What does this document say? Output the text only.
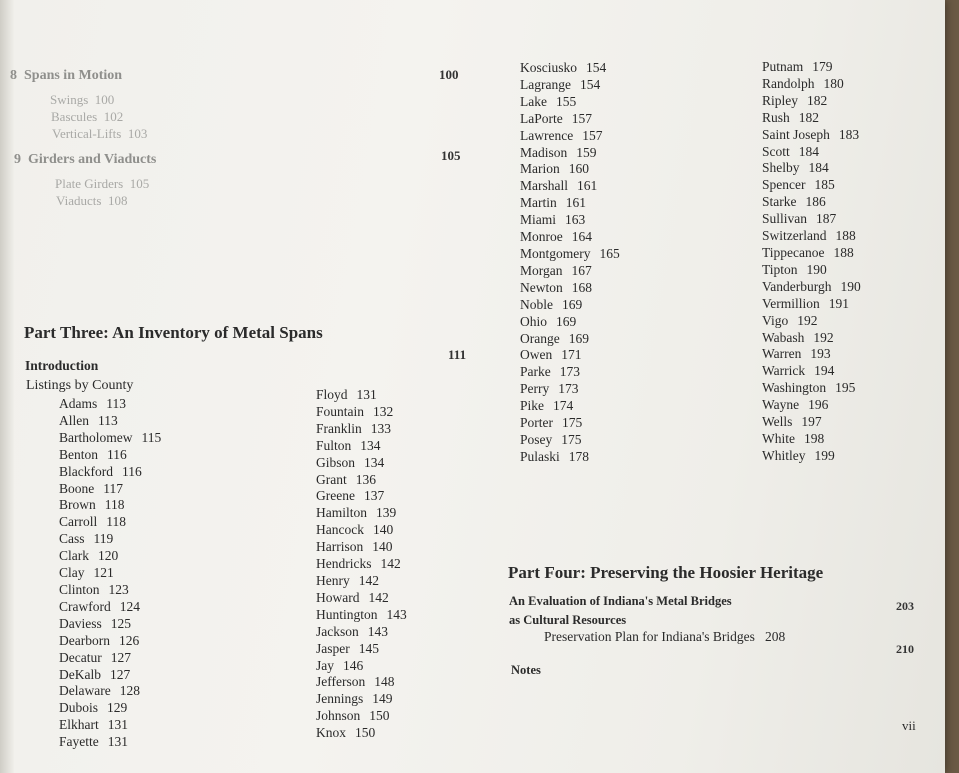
8 Spans in Motion	100
Swings 100
Bascules 102
Vertical-Lifts 103
9 Girders and Viaducts	105
Plate Girders 105
Viaducts 108
Part Three: An Inventory of Metal Spans
Introduction
111
Listings by County
Adams 113
Allen 113
Bartholomew 115
Benton 116
Blackford 116
Boone 117
Brown 118
Carroll 118
Cass 119
Clark 120
Clay 121
Clinton 123
Crawford 124
Daviess 125
Dearborn 126
Decatur 127
DeKalb 127
Delaware 128
Dubois 129
Elkhart 131
Fayette 131
Floyd 131
Fountain 132
Franklin 133
Fulton 134
Gibson 134
Grant 136
Greene 137
Hamilton 139
Hancock 140
Harrison 140
Hendricks 142
Henry 142
Howard 142
Huntington 143
Jackson 143
Jasper 145
Jay 146
Jefferson 148
Jennings 149
Johnson 150
Knox 150
Kosciusko 154
Lagrange 154
Lake 155
LaPorte 157
Lawrence 157
Madison 159
Marion 160
Marshall 161
Martin 161
Miami 163
Monroe 164
Montgomery 165
Morgan 167
Newton 168
Noble 169
Ohio 169
Orange 169
Owen 171
Parke 173
Perry 173
Pike 174
Porter 175
Posey 175
Pulaski 178
Putnam 179
Randolph 180
Ripley 182
Rush 182
Saint Joseph 183
Scott 184
Shelby 184
Spencer 185
Starke 186
Sullivan 187
Switzerland 188
Tippecanoe 188
Tipton 190
Vanderburgh 190
Vermillion 191
Vigo 192
Wabash 192
Warren 193
Warrick 194
Washington 195
Wayne 196
Wells 197
White 198
Whitley 199
Part Four: Preserving the Hoosier Heritage
An Evaluation of Indiana's Metal Bridges
as Cultural Resources
203
Preservation Plan for Indiana's Bridges 208
Notes
210
vii
